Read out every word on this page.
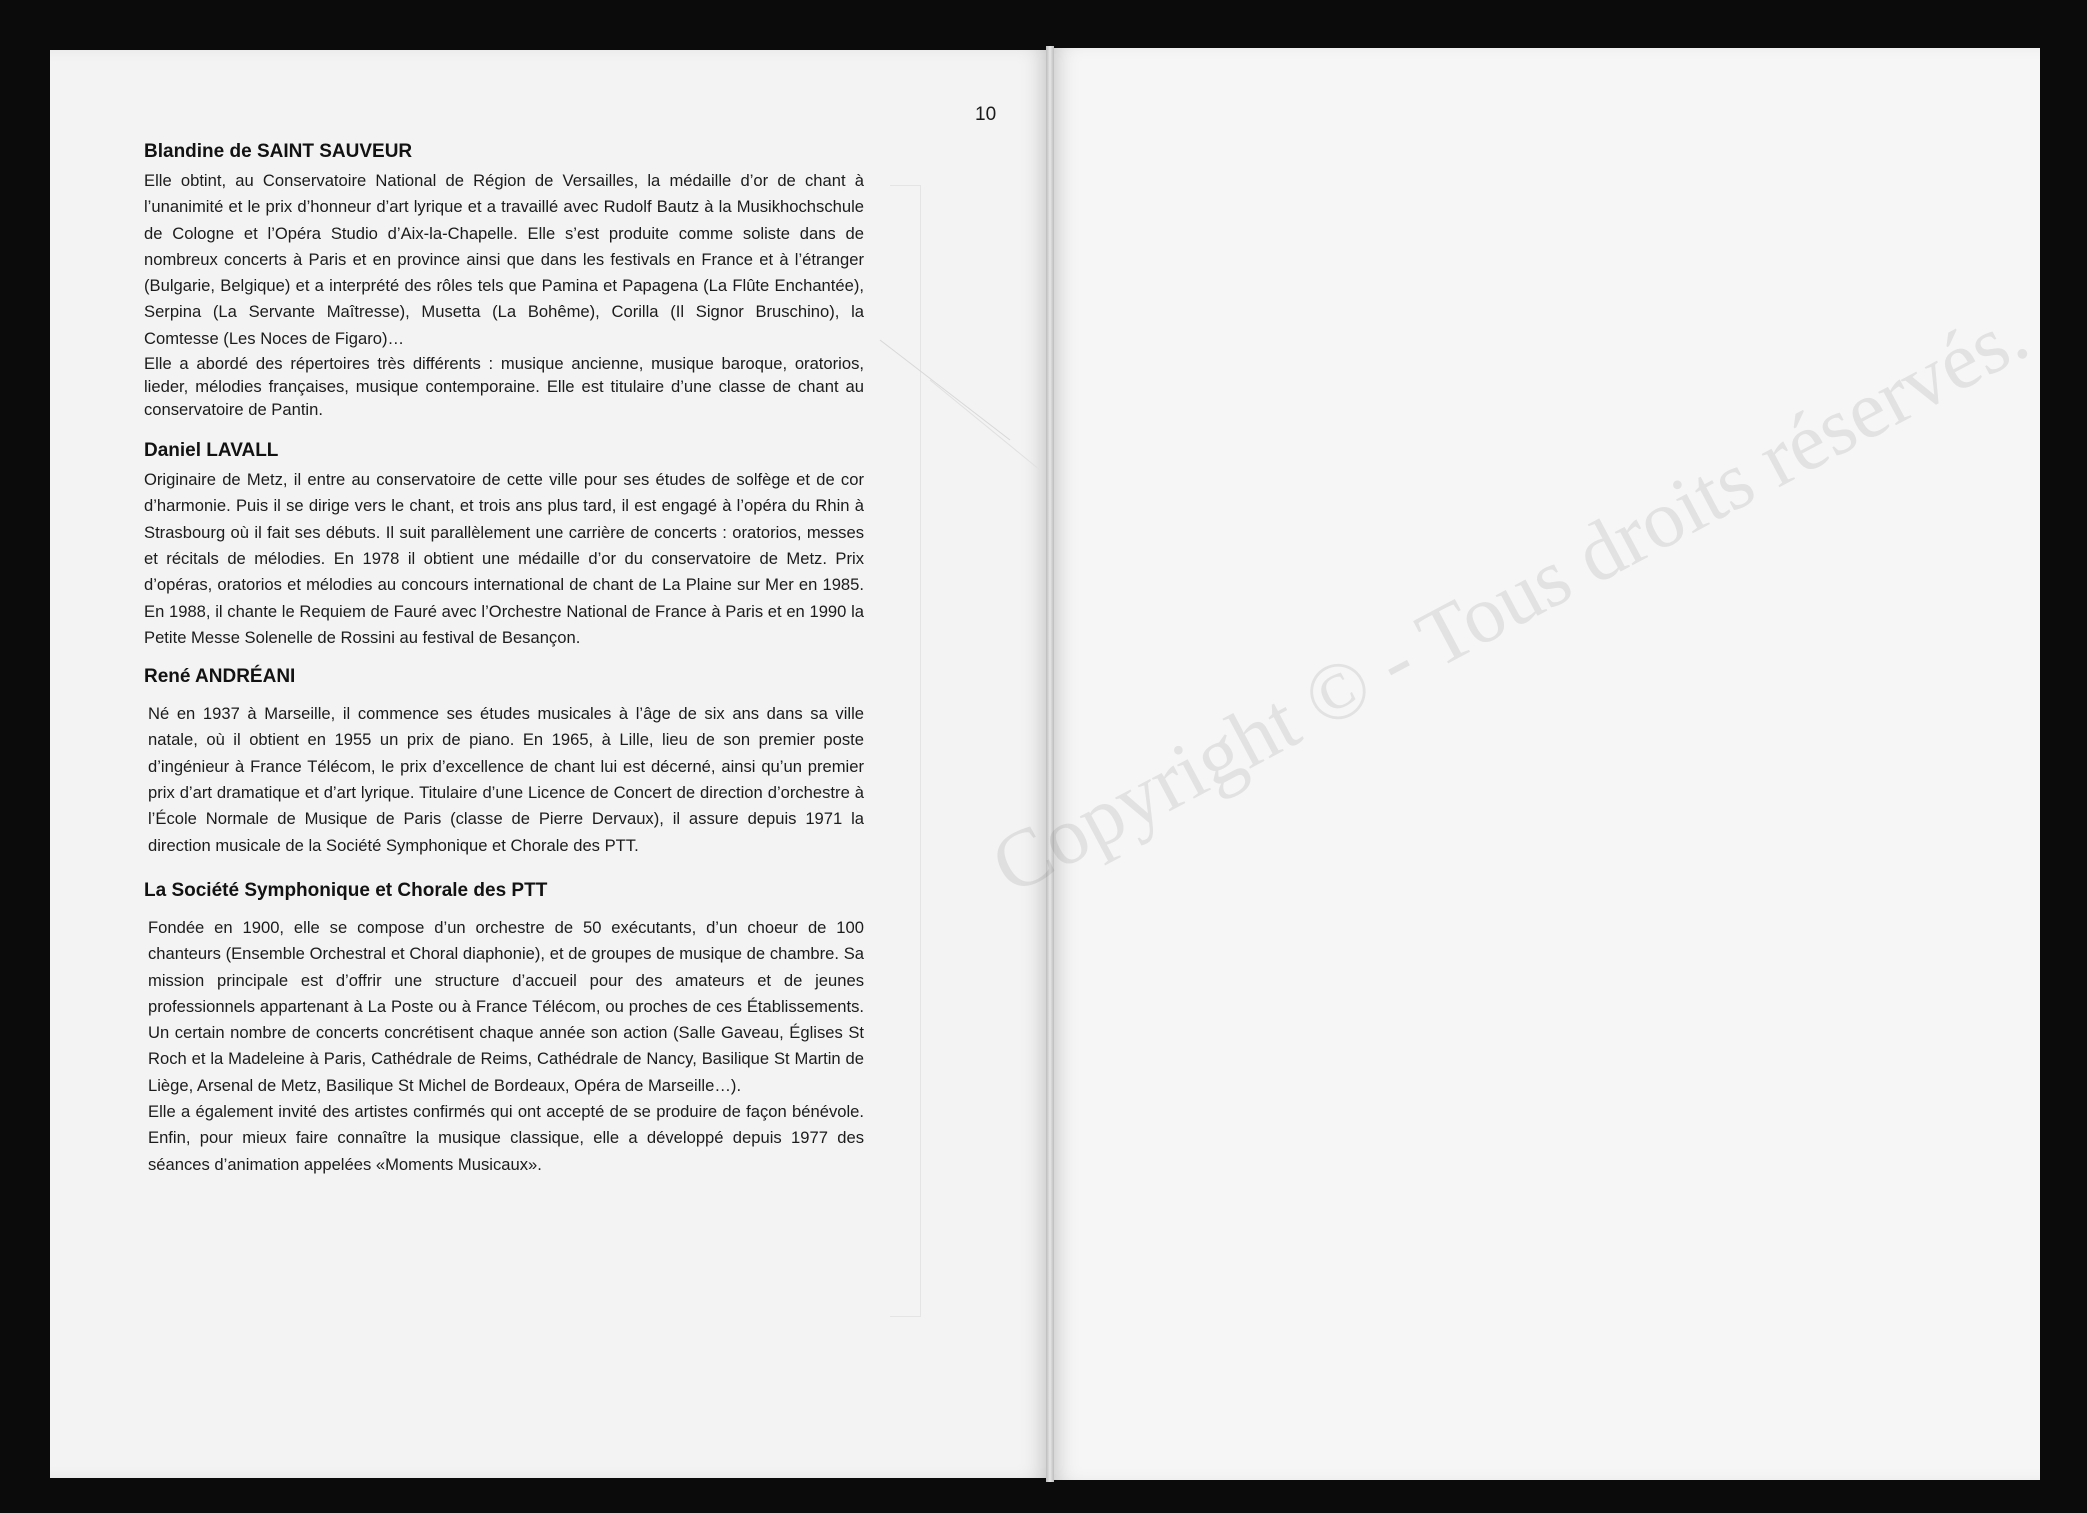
10
Blandine de SAINT SAUVEUR

Elle obtint, au Conservatoire National de Région de Versailles, la médaille d’or de chant à l’unanimité et le prix d’honneur d’art lyrique et a travaillé avec Rudolf Bautz à la Musikhochschule de Cologne et l’Opéra Studio d’Aix-la-Chapelle. Elle s’est produite comme soliste dans de nombreux concerts à Paris et en province ainsi que dans les festivals en France et à l’étranger (Bulgarie, Belgique) et a interprété des rôles tels que Pamina et Papagena (La Flûte Enchantée), Serpina (La Servante Maîtresse), Musetta (La Bohême), Corilla (Il Signor Bruschino), la Comtesse (Les Noces de Figaro)…

Elle a abordé des répertoires très différents : musique ancienne, musique baroque, oratorios, lieder, mélodies françaises, musique contemporaine. Elle est titulaire d’une classe de chant au conservatoire de Pantin.

Daniel LAVALL

Originaire de Metz, il entre au conservatoire de cette ville pour ses études de solfège et de cor d’harmonie. Puis il se dirige vers le chant, et trois ans plus tard, il est engagé à l’opéra du Rhin à Strasbourg où il fait ses débuts. Il suit parallèlement une carrière de concerts : oratorios, messes et récitals de mélodies. En 1978 il obtient une médaille d’or du conservatoire de Metz. Prix d’opéras, oratorios et mélodies au concours international de chant de La Plaine sur Mer en 1985. En 1988, il chante le Requiem de Fauré avec l’Orchestre National de France à Paris et en 1990 la Petite Messe Solenelle de Rossini au festival de Besançon.

René ANDRÉANI

Né en 1937 à Marseille, il commence ses études musicales à l’âge de six ans dans sa ville natale, où il obtient en 1955 un prix de piano. En 1965, à Lille, lieu de son premier poste d’ingénieur à France Télécom, le prix d’excellence de chant lui est décerné, ainsi qu’un premier prix d’art dramatique et d’art lyrique. Titulaire d’une Licence de Concert de direction d’orchestre à l’École Normale de Musique de Paris (classe de Pierre Dervaux), il assure depuis 1971 la direction musicale de la Société Symphonique et Chorale des PTT.

La Société Symphonique et Chorale des PTT

Fondée en 1900, elle se compose d’un orchestre de 50 exécutants, d’un choeur de 100 chanteurs (Ensemble Orchestral et Choral diaphonie), et de groupes de musique de chambre. Sa mission principale est d’offrir une structure d’accueil pour des amateurs et de jeunes professionnels appartenant à La Poste ou à France Télécom, ou proches de ces Établissements. Un certain nombre de concerts concrétisent chaque année son action (Salle Gaveau, Églises St Roch et la Madeleine à Paris, Cathédrale de Reims, Cathédrale de Nancy, Basilique St Martin de Liège, Arsenal de Metz, Basilique St Michel de Bordeaux, Opéra de Marseille…).

Elle a également invité des artistes confirmés qui ont accepté de se produire de façon bénévole. Enfin, pour mieux faire connaître la musique classique, elle a développé depuis 1977 des séances d’animation appelées «Moments Musicaux».
